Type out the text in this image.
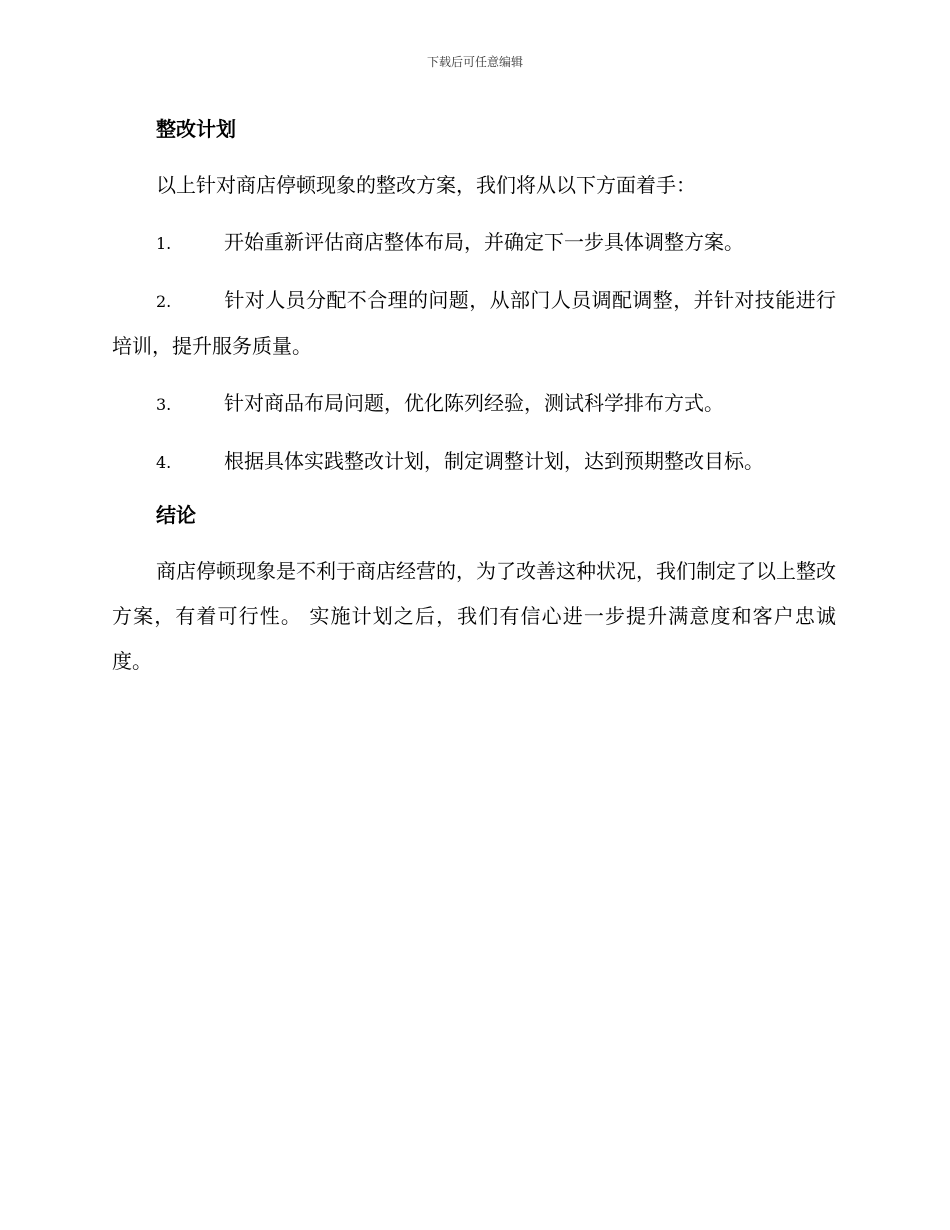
下载后可任意编辑
整改计划

以上针对商店停顿现象的整改方案，我们将从以下方面着手：

1.	开始重新评估商店整体布局，并确定下一步具体调整方案。

2.	针对人员分配不合理的问题，从部门人员调配调整，并针对技能进行培训，提升服务质量。

3.	针对商品布局问题，优化陈列经验，测试科学排布方式。

4.	根据具体实践整改计划，制定调整计划，达到预期整改目标。

结论

商店停顿现象是不利于商店经营的，为了改善这种状况，我们制定了以上整改方案，有着可行性。 实施计划之后，我们有信心进一步提升满意度和客户忠诚度。
